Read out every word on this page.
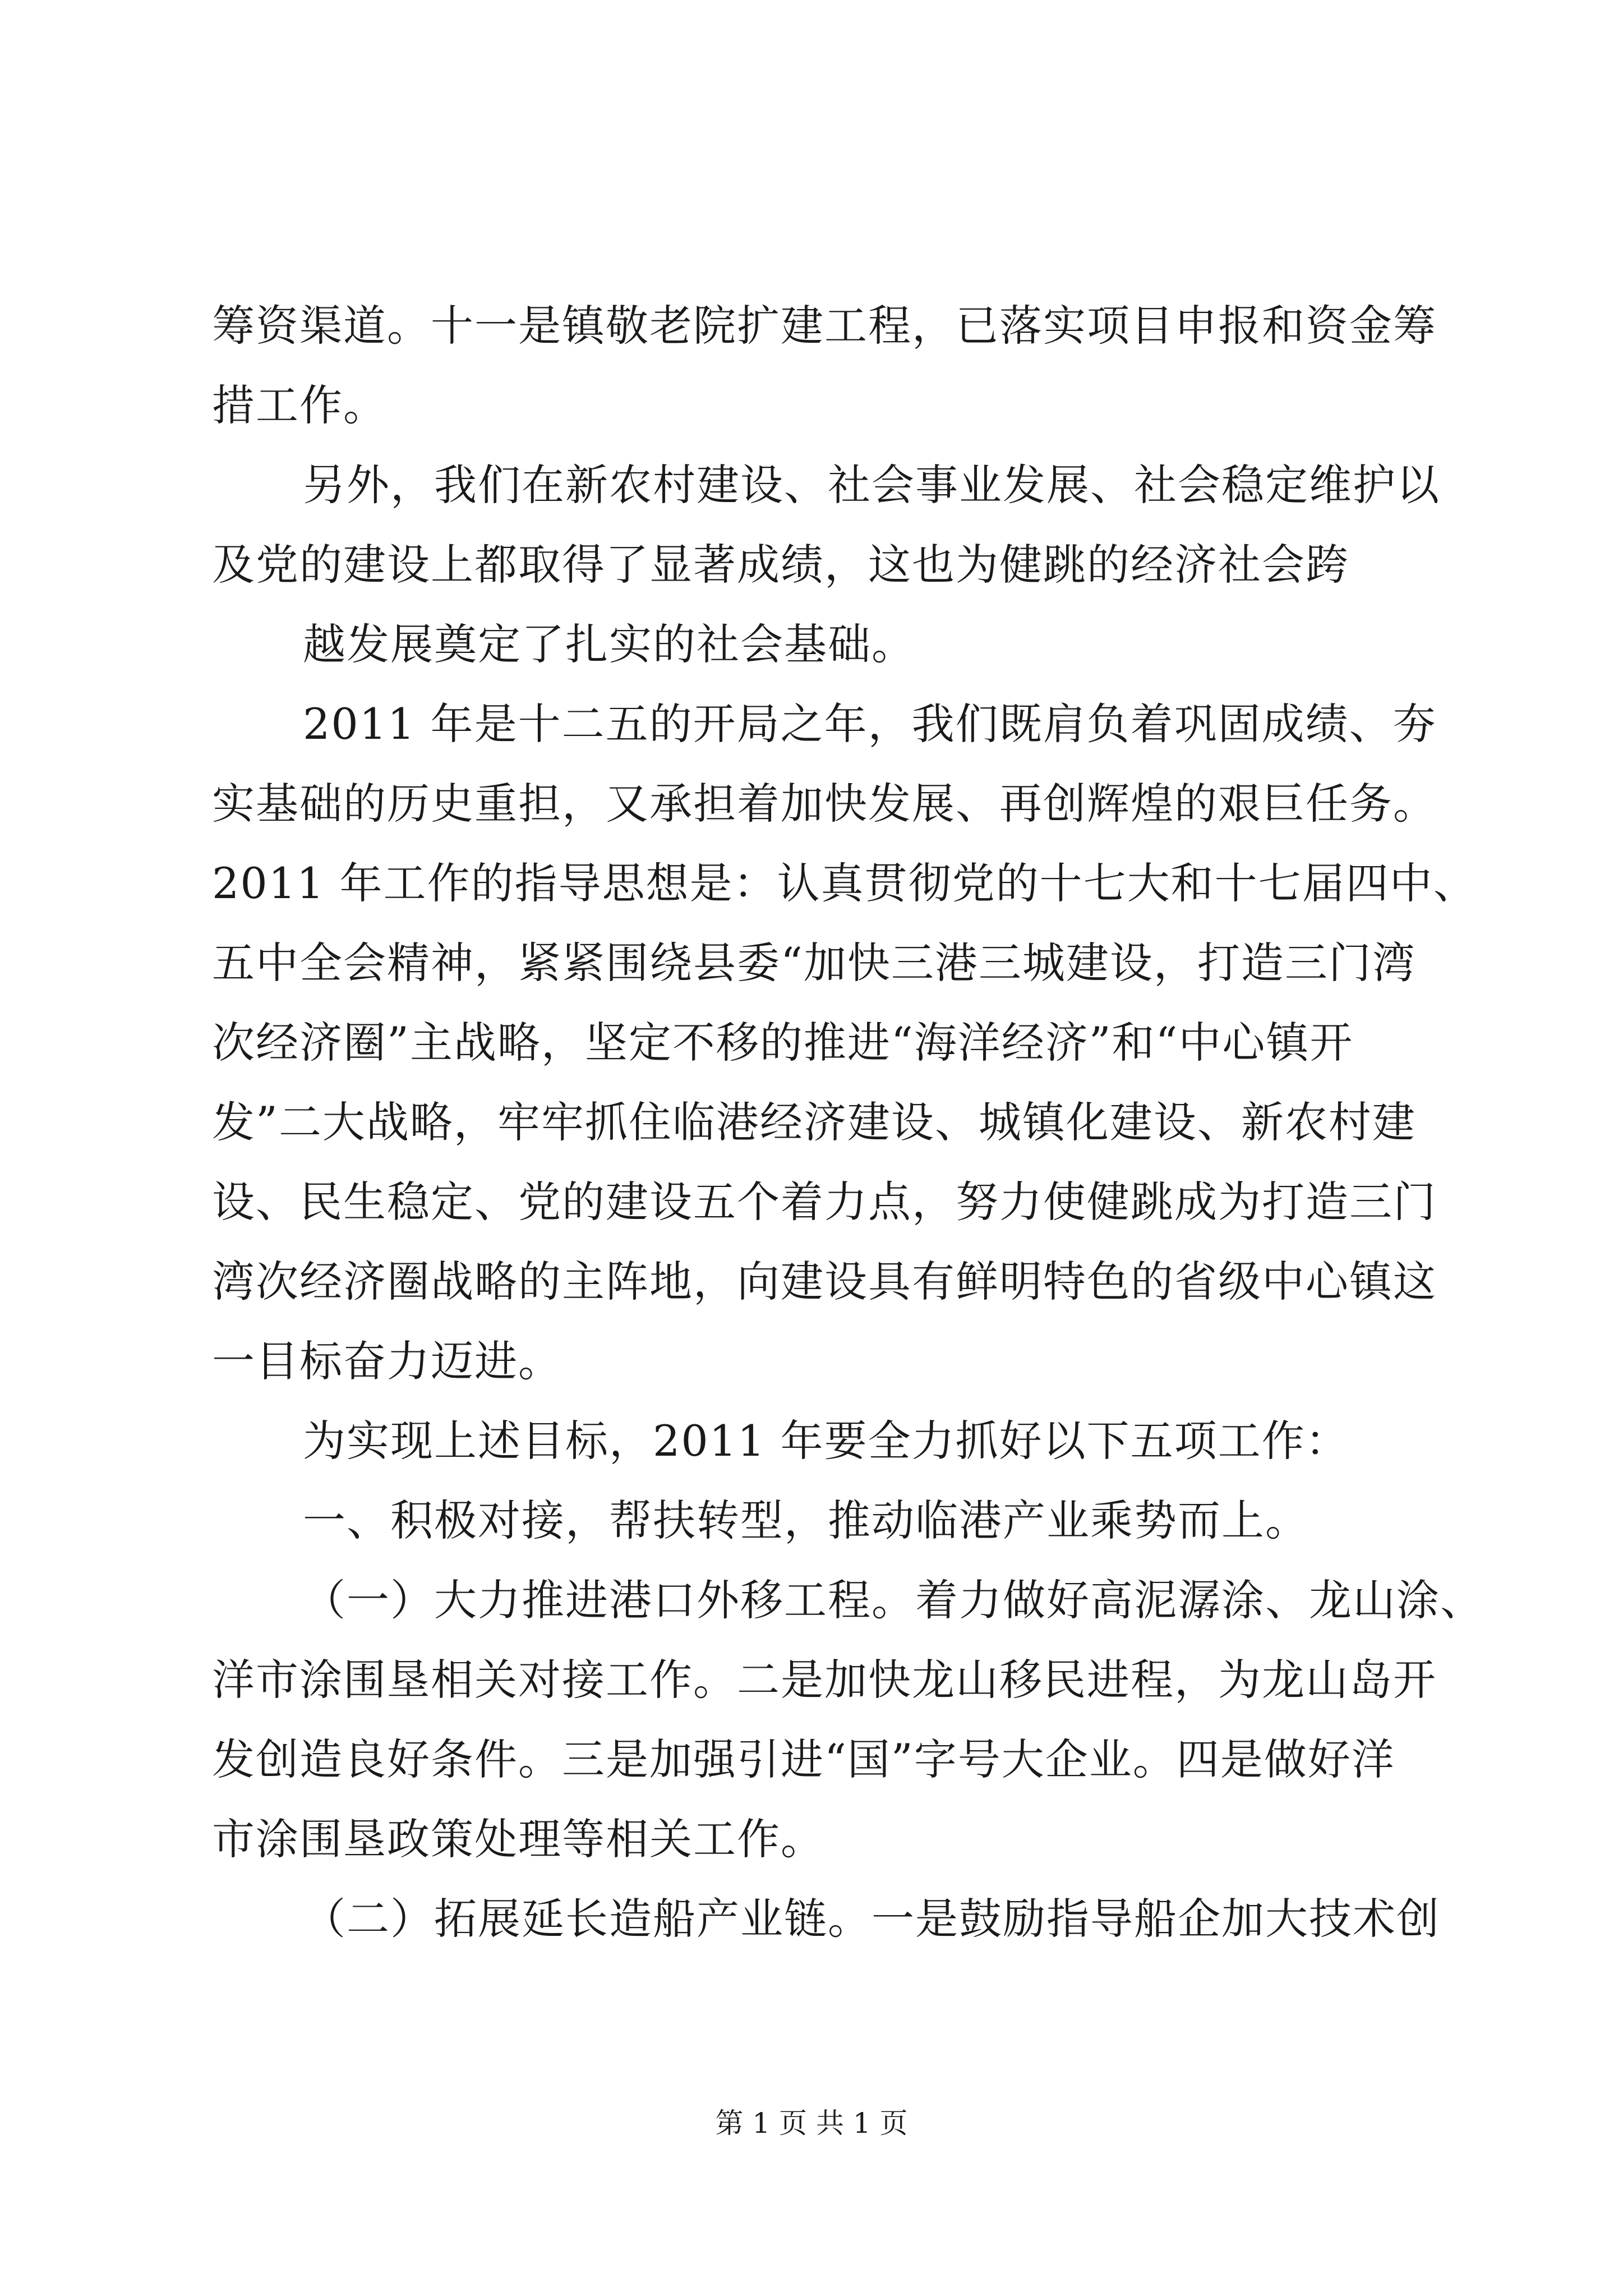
筹资渠道。十一是镇敬老院扩建工程，已落实项目申报和资金筹
措工作。
另外，我们在新农村建设、社会事业发展、社会稳定维护以
及党的建设上都取得了显著成绩，这也为健跳的经济社会跨
越发展奠定了扎实的社会基础。
2011 年是十二五的开局之年，我们既肩负着巩固成绩、夯
实基础的历史重担，又承担着加快发展、再创辉煌的艰巨任务。
2011 年工作的指导思想是：认真贯彻党的十七大和十七届四中、
五中全会精神，紧紧围绕县委“加快三港三城建设，打造三门湾
次经济圈”主战略，坚定不移的推进“海洋经济”和“中心镇开
发”二大战略，牢牢抓住临港经济建设、城镇化建设、新农村建
设、民生稳定、党的建设五个着力点，努力使健跳成为打造三门
湾次经济圈战略的主阵地，向建设具有鲜明特色的省级中心镇这
一目标奋力迈进。
为实现上述目标，2011 年要全力抓好以下五项工作：
一、积极对接，帮扶转型，推动临港产业乘势而上。
（一）大力推进港口外移工程。着力做好高泥潺涂、龙山涂、
洋市涂围垦相关对接工作。二是加快龙山移民进程，为龙山岛开
发创造良好条件。三是加强引进“国”字号大企业。四是做好洋
市涂围垦政策处理等相关工作。
（二）拓展延长造船产业链。一是鼓励指导船企加大技术创
第 1 页 共 1 页
